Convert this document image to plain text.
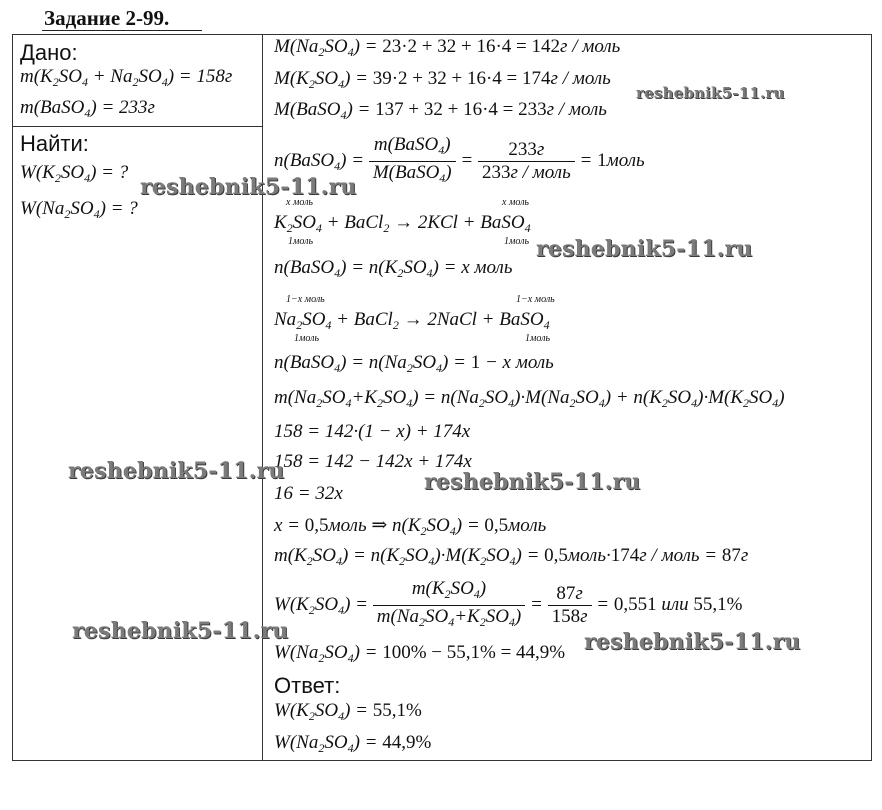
Задание 2-99.
Дано:
$m(K_2SO_4 + Na_2SO_4) = 158г$
m(BaSO$_4$) = 233г
Найти:
$W(K_2SO_4)$ = ?
$W(Na_2SO_4)$ = ?
$M(Na_2SO_4) = 23\cdot 2 + 32 + 16\cdot 4 = 142г$ / моль
$M(K_2SO_4) = 39\cdot 2 + 32 + 16\cdot 4 = 174г$ / моль
M(BaSO$_4$) = 137 + 32 + 16·4 = 233г / моль
n(BaSO$_4$) = $\frac{m(BaSO_4)}{M(BaSO_4)} = \frac{233г}{\text{233г / моль}}$ = 1моль
x моль	x моль
$K_2SO_4$ + BaCl$_2$ → 2KCl + BaSO$_4$
1моль	1моль
n(BaSO$_4$) = $n(K_2SO_4) = x$ моль
1−x моль	1−x моль
$Na_2SO_4$ + BaCl$_2$ → 2NaCl + BaSO$_4$
1моль	1моль
n(BaSO$_4$) = $n(Na_2SO_4) = 1 - x$ моль
$m(Na_2SO_4+K_2SO_4) = n(Na_2SO_4)\cdot M(Na_2SO_4) + n(K_2SO_4)\cdot M(K_2SO_4)$
158 = 142·(1 − x) + 174x
158 = 142 − 142x + 174x
16 = 32x
x = 0,5моль ⇒ $n(K_2SO_4)$ = 0,5моль
$m(K_2SO_4) = n(K_2SO_4)\cdot M(K_2SO_4)$ = 0,5моль·174г / моль = 87г
$W(K_2SO_4) = \frac{m(K_2SO_4)}{m(Na_2SO_4+K_2SO_4)} = \frac{87г}{158г} = 0,551$ или 55,1%
$W(Na_2SO_4) = 100\% - 55,1\% = 44,9\%$
Ответ:
$W(K_2SO_4) = 55,1\%$
$W(Na_2SO_4) = 44,9\%$
reshebnik5-11.ru
reshebnik5-11.ru
reshebnik5-11.ru
reshebnik5-11.ru	reshebnik5-11.ru
reshebnik5-11.ru	reshebnik5-11.ru
